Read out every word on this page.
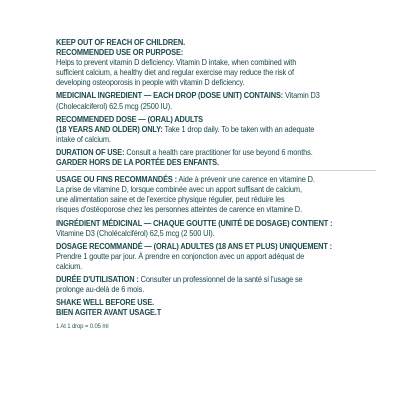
KEEP OUT OF REACH OF CHILDREN.
RECOMMENDED USE OR PURPOSE:
Helps to prevent vitamin D deficiency. Vitamin D intake, when combined with
sufficient calcium, a healthy diet and regular exercise may reduce the risk of
developing osteoporosis in people with vitamin D deficiency.
MEDICINAL INGREDIENT — EACH DROP (DOSE UNIT) CONTAINS: Vitamin D3
(Cholecalciferol) 62.5 mcg (2500 IU).
RECOMMENDED DOSE — (ORAL) ADULTS
(18 YEARS AND OLDER) ONLY: Take 1 drop daily. To be taken with an adequate
intake of calcium.
DURATION OF USE: Consult a health care practitioner for use beyond 6 months.
GARDER HORS DE LA PORTÉE DES ENFANTS.
USAGE OU FINS RECOMMANDÉS : Aide à prévenir une carence en vitamine D.
La prise de vitamine D, lorsque combinée avec un apport suffisant de calcium,
une alimentation saine et de l'exercice physique régulier, peut réduire les
risques d'ostéoporose chez les personnes atteintes de carence en vitamine D.
INGRÉDIENT MÉDICINAL — CHAQUE GOUTTE (UNITÉ DE DOSAGE) CONTIENT :
Vitamine D3 (Cholécalciférol) 62,5 mcg (2 500 UI).
DOSAGE RECOMMANDÉ — (ORAL) ADULTES (18 ANS ET PLUS) UNIQUEMENT :
Prendre 1 goutte par jour. À prendre en conjonction avec un apport adéquat de
calcium.
DURÉE D'UTILISATION : Consulter un professionnel de la santé si l'usage se
prolonge au-delà de 6 mois.
SHAKE WELL BEFORE USE.
BIEN AGITER AVANT USAGE.T
1 At 1 drop = 0.05 ml
